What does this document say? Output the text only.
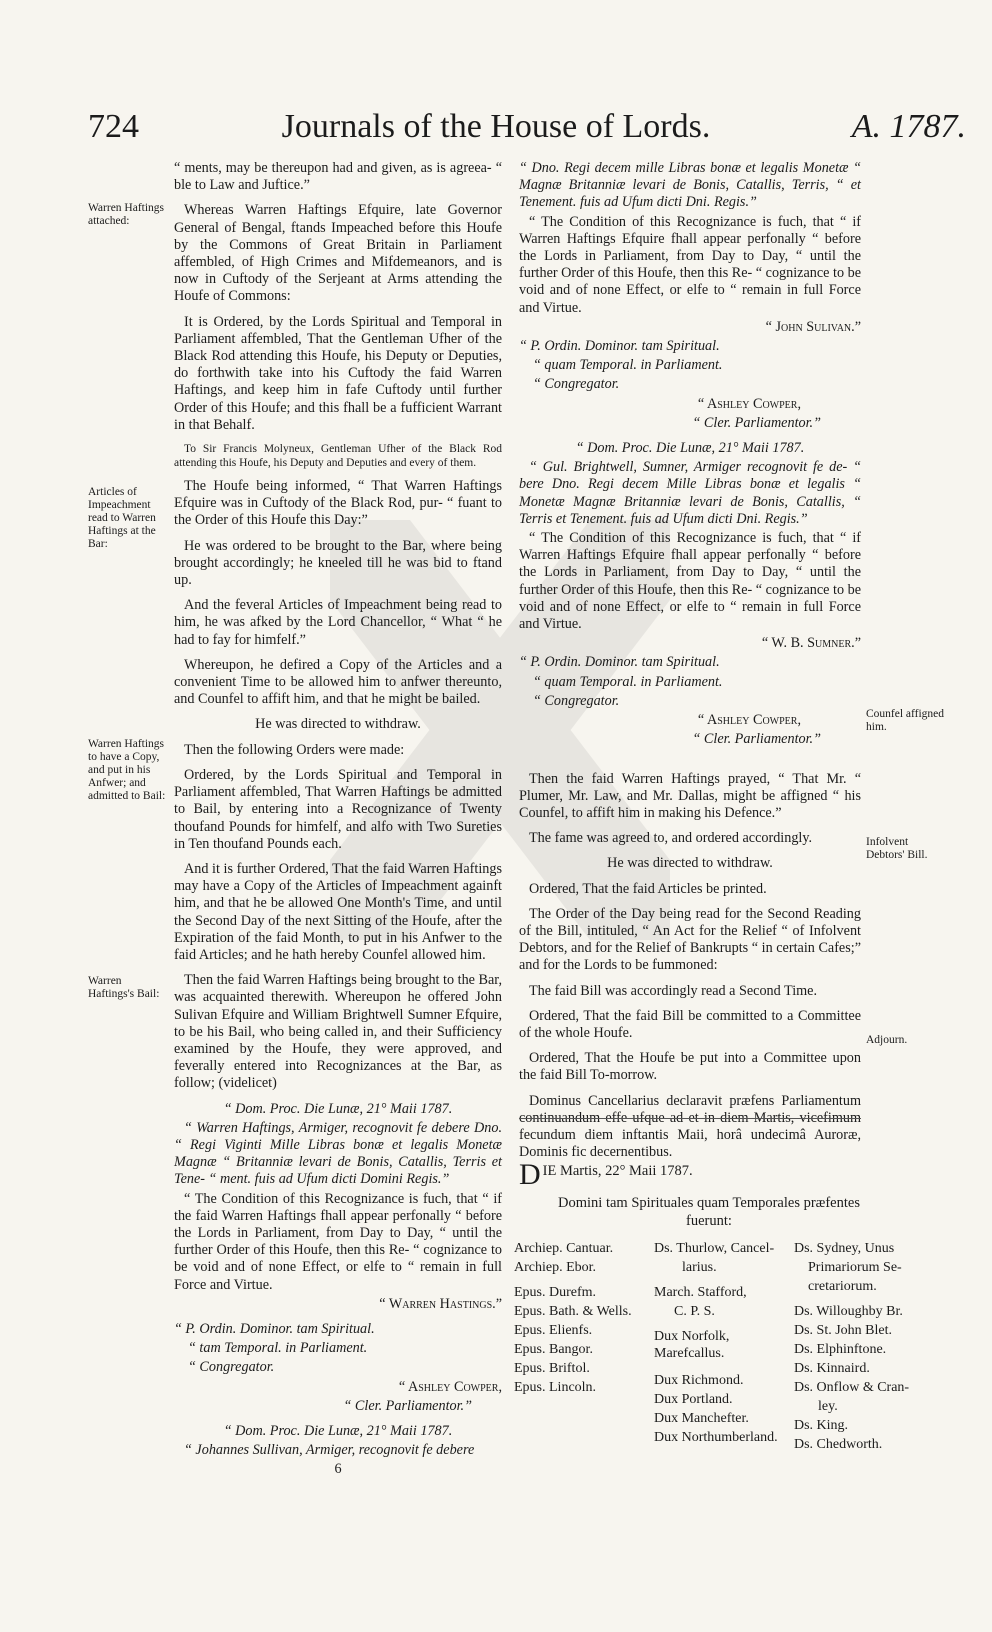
724	Journals of the House of Lords.	A. 1787.
Warren Haftings attached:
Articles of Impeachment read to Warren Haftings at the Bar:
Warren Haftings to have a Copy, and put in his Anfwer; and admitted to Bail:
Warren Haftings's Bail:
Counfel affigned him.
Infolvent Debtors' Bill.
Adjourn.

“ ments, may be thereupon had and given, as is agreea- “ ble to Law and Juftice.”

Whereas Warren Haftings Efquire, late Governor General of Bengal, ftands Impeached before this Houfe by the Commons of Great Britain in Parliament affembled, of High Crimes and Mifdemeanors, and is now in Cuftody of the Serjeant at Arms attending the Houfe of Commons:

It is Ordered, by the Lords Spiritual and Temporal in Parliament affembled, That the Gentleman Ufher of the Black Rod attending this Houfe, his Deputy or Deputies, do forthwith take into his Cuftody the faid Warren Haftings, and keep him in fafe Cuftody until further Order of this Houfe; and this fhall be a fufficient Warrant in that Behalf.

To Sir Francis Molyneux, Gentleman Ufher of the Black Rod attending this Houfe, his Deputy and Deputies and every of them.

The Houfe being informed, “ That Warren Haftings Efquire was in Cuftody of the Black Rod, pur- “ fuant to the Order of this Houfe this Day:”

He was ordered to be brought to the Bar, where being brought accordingly; he kneeled till he was bid to ftand up.

And the feveral Articles of Impeachment being read to him, he was afked by the Lord Chancellor, “ What “ he had to fay for himfelf.”

Whereupon, he defired a Copy of the Articles and a convenient Time to be allowed him to anfwer thereunto, and Counfel to affift him, and that he might be bailed.

He was directed to withdraw.

Then the following Orders were made:

Ordered, by the Lords Spiritual and Temporal in Parliament affembled, That Warren Haftings be admitted to Bail, by entering into a Recognizance of Twenty thoufand Pounds for himfelf, and alfo with Two Sureties in Ten thoufand Pounds each.

And it is further Ordered, That the faid Warren Haftings may have a Copy of the Articles of Impeachment againft him, and that he be allowed One Month's Time, and until the Second Day of the next Sitting of the Houfe, after the Expiration of the faid Month, to put in his Anfwer to the faid Articles; and he hath hereby Counfel allowed him.

Then the faid Warren Haftings being brought to the Bar, was acquainted therewith. Whereupon he offered John Sulivan Efquire and William Brightwell Sumner Efquire, to be his Bail, who being called in, and their Sufficiency examined by the Houfe, they were approved, and feverally entered into Recognizances at the Bar, as follow; (videlicet)

“ Dom. Proc. Die Lunæ, 21° Maii 1787.

“ Warren Haftings, Armiger, recognovit fe debere Dno. “ Regi Viginti Mille Libras bonæ et legalis Monetæ Magnæ “ Britanniæ levari de Bonis, Catallis, Terris et Tene- “ ment. fuis ad Ufum dicti Domini Regis.”

“ The Condition of this Recognizance is fuch, that “ if the faid Warren Haftings fhall appear perfonally “ before the Lords in Parliament, from Day to Day, “ until the further Order of this Houfe, then this Re- “ cognizance to be void and of none Effect, or elfe to “ remain in full Force and Virtue.

“ Warren Hastings.”

“ P. Ordin. Dominor. tam Spiritual.

“ tam Temporal. in Parliament.

“ Congregator.

“ Ashley Cowper,

“ Cler. Parliamentor.”

“ Dom. Proc. Die Lunæ, 21° Maii 1787.

“ Johannes Sullivan, Armiger, recognovit fe debere

6

“ Dno. Regi decem mille Libras bonæ et legalis Monetæ “ Magnæ Britanniæ levari de Bonis, Catallis, Terris, “ et Tenement. fuis ad Ufum dicti Dni. Regis.”

“ The Condition of this Recognizance is fuch, that “ if Warren Haftings Efquire fhall appear perfonally “ before the Lords in Parliament, from Day to Day, “ until the further Order of this Houfe, then this Re- “ cognizance to be void and of none Effect, or elfe to “ remain in full Force and Virtue.

“ John Sulivan.”

“ P. Ordin. Dominor. tam Spiritual.

“ quam Temporal. in Parliament.

“ Congregator.

“ Ashley Cowper,

“ Cler. Parliamentor.”

“ Dom. Proc. Die Lunæ, 21° Maii 1787.

“ Gul. Brightwell, Sumner, Armiger recognovit fe de- “ bere Dno. Regi decem Mille Libras bonæ et legalis “ Monetæ Magnæ Britanniæ levari de Bonis, Catallis, “ Terris et Tenement. fuis ad Ufum dicti Dni. Regis.”

“ The Condition of this Recognizance is fuch, that “ if Warren Haftings Efquire fhall appear perfonally “ before the Lords in Parliament, from Day to Day, “ until the further Order of this Houfe, then this Re- “ cognizance to be void and of none Effect, or elfe to “ remain in full Force and Virtue.

“ W. B. Sumner.”

“ P. Ordin. Dominor. tam Spiritual.

“ quam Temporal. in Parliament.

“ Congregator.

“ Ashley Cowper,

“ Cler. Parliamentor.”

Then the faid Warren Haftings prayed, “ That Mr. “ Plumer, Mr. Law, and Mr. Dallas, might be affigned “ his Counfel, to affift him in making his Defence.”

The fame was agreed to, and ordered accordingly.

He was directed to withdraw.

Ordered, That the faid Articles be printed.

The Order of the Day being read for the Second Reading of the Bill, intituled, “ An Act for the Relief “ of Infolvent Debtors, and for the Relief of Bankrupts “ in certain Cafes;” and for the Lords to be fummoned:

The faid Bill was accordingly read a Second Time.

Ordered, That the faid Bill be committed to a Committee of the whole Houfe.

Ordered, That the Houfe be put into a Committee upon the faid Bill To-morrow.

Dominus Cancellarius declaravit præfens Parliamentum continuandum effe ufque ad et in diem Martis, vicefimum fecundum diem inftantis Maii, horâ undecimâ Auroræ, Dominis fic decernentibus.

D IE Martis, 22° Maii 1787.
Domini tam Spirituales quam Temporales præfentes fuerunt:
Archiep. Cantuar.
Archiep. Ebor.
Epus. Durefm.
Epus. Bath. & Wells.
Epus. Elienfs.
Epus. Bangor.
Epus. Briftol.
Epus. Lincoln.
Ds. Thurlow, Cancel-
larius.
March. Stafford,
C. P. S.
Dux Norfolk, Marefcallus.
Dux Richmond.
Dux Portland.
Dux Manchefter.
Dux Northumberland.
Ds. Sydney, Unus
Primariorum Se-
cretariorum.
Ds. Willoughby Br.
Ds. St. John Blet.
Ds. Elphinftone.
Ds. Kinnaird.
Ds. Onflow & Cran-
ley.
Ds. King.
Ds. Chedworth.
